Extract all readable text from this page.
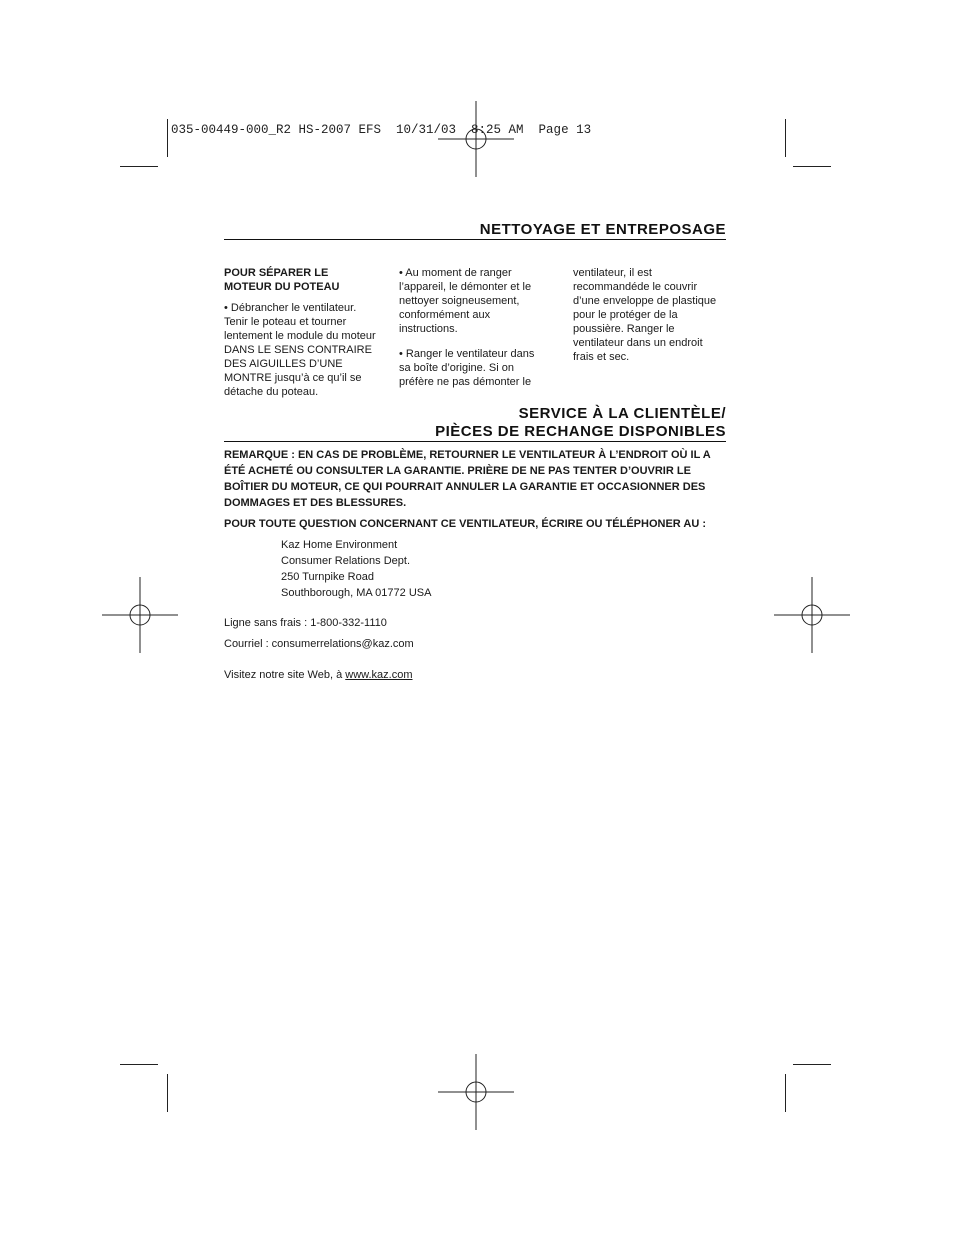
035-00449-000_R2 HS-2007 EFS  10/31/03  8:25 AM  Page 13
NETTOYAGE ET ENTREPOSAGE

POUR SÉPARER LE
MOTEUR DU POTEAU

• Débrancher le ventilateur. Tenir le poteau et tourner lentement le module du moteur DANS LE SENS CONTRAIRE DES AIGUILLES D’UNE MONTRE jusqu’à ce qu’il se détache du poteau.

• Au moment de ranger l’appareil, le démonter et le nettoyer soigneusement, conformément aux instructions.

• Ranger le ventilateur dans sa boîte d’origine. Si on préfère ne pas démonter le

ventilateur, il est recommandéde le couvrir d’une enveloppe de plastique pour le protéger de la poussière. Ranger le ventilateur dans un endroit frais et sec.

SERVICE À LA CLIENTÈLE/
PIÈCES DE RECHANGE DISPONIBLES
REMARQUE : EN CAS DE PROBLÈME, RETOURNER LE VENTILATEUR À L’ENDROIT OÙ IL A ÉTÉ ACHETÉ OU CONSULTER LA GARANTIE. PRIÈRE DE NE PAS TENTER D’OUVRIR LE BOÎTIER DU MOTEUR, CE QUI POURRAIT ANNULER LA GARANTIE ET OCCASIONNER DES DOMMAGES ET DES BLESSURES.
POUR TOUTE QUESTION CONCERNANT CE VENTILATEUR, ÉCRIRE OU TÉLÉPHONER AU :
Kaz Home Environment
Consumer Relations Dept.
250 Turnpike Road
Southborough, MA 01772 USA
Ligne sans frais : 1-800-332-1110
Courriel : consumerrelations@kaz.com
Visitez notre site Web, à www.kaz.com
